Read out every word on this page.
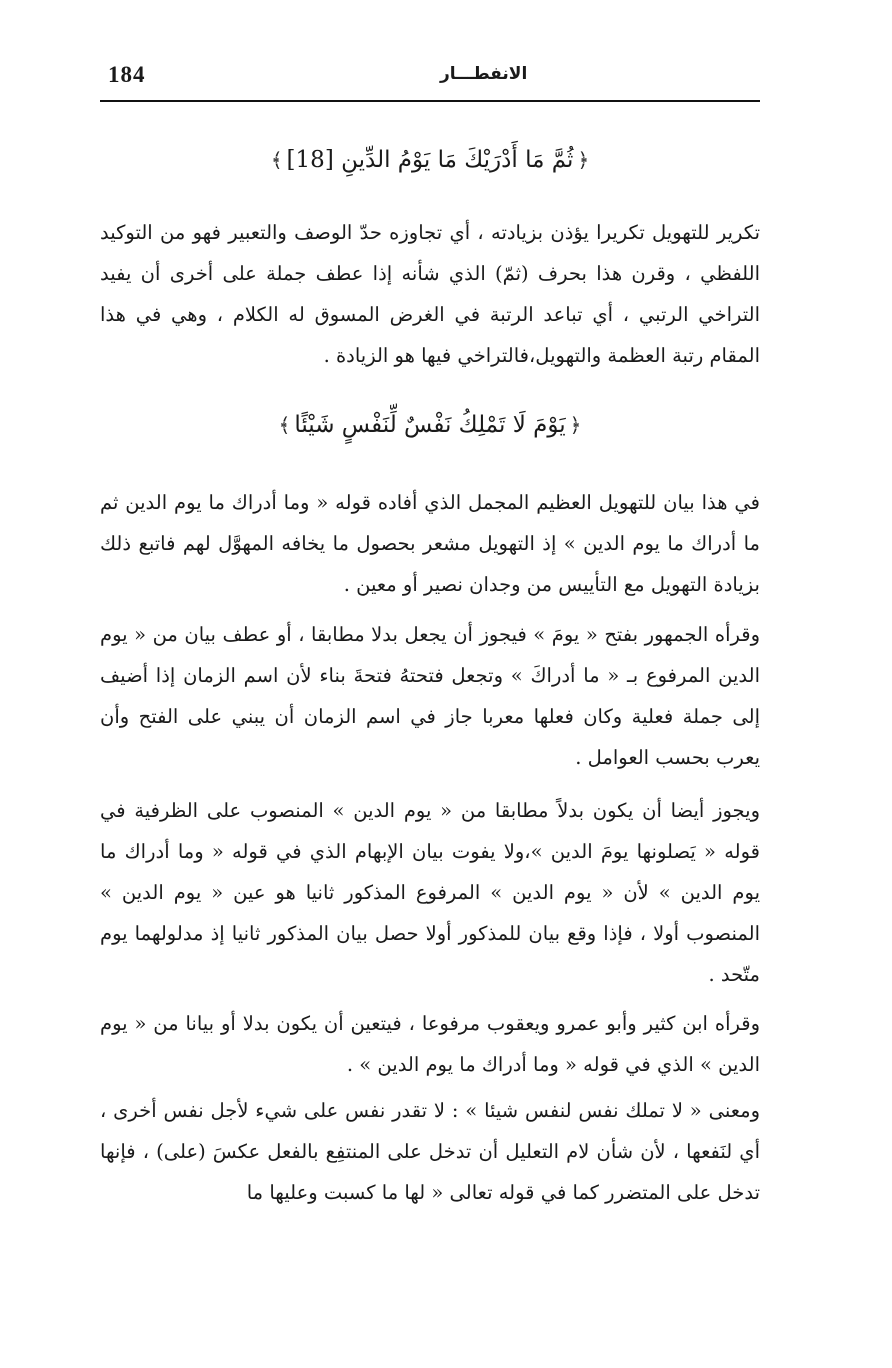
184	الانفطـــار
﴿ثُمَّ مَا أَدْرَيْكَ مَا يَوْمُ الدِّينِ [18]﴾

تكرير للتهويل تكريرا يؤذن بزيادته ، أي تجاوزه حدّ الوصف والتعبير فهو من التوكيد اللفظي ، وقرن هذا بحرف (ثمّ) الذي شأنه إذا عطف جملة على أخرى أن يفيد التراخي الرتبي ، أي تباعد الرتبة في الغرض المسوق له الكلام ، وهي في هذا المقام رتبة العظمة والتهويل،فالتراخي فيها هو الزيادة .

﴿يَوْمَ لَا تَمْلِكُ نَفْسٌ لِّنَفْسٍ شَيْئًا﴾

في هذا بيان للتهويل العظيم المجمل الذي أفاده قوله « وما أدراك ما يوم الدين ثم ما أدراك ما يوم الدين » إذ التهويل مشعر بحصول ما يخافه المهوَّل لهم فاتبع ذلك بزيادة التهويل مع التأييس من وجدان نصير أو معين .

وقرأه الجمهور بفتح « يومَ » فيجوز أن يجعل بدلا مطابقا ، أو عطف بيان من « يوم الدين المرفوع بـ « ما أدراكَ » وتجعل فتحتهُ فتحةَ بناء لأن اسم الزمان إذا أضيف إلى جملة فعلية وكان فعلها معربا جاز في اسم الزمان أن يبني على الفتح وأن يعرب بحسب العوامل .

ويجوز أيضا أن يكون بدلاً مطابقا من « يوم الدين » المنصوب على الظرفية في قوله « يَصلونها يومَ الدين »،ولا يفوت بيان الإبهام الذي في قوله « وما أدراك ما يوم الدين » لأن « يوم الدين » المرفوع المذكور ثانيا هو عين « يوم الدين » المنصوب أولا ، فإذا وقع بيان للمذكور أولا حصل بيان المذكور ثانيا إذ مدلولهما يوم متّحد .

وقرأه ابن كثير وأبو عمرو ويعقوب مرفوعا ، فيتعين أن يكون بدلا أو بيانا من « يوم الدين » الذي في قوله « وما أدراك ما يوم الدين » .

ومعنى « لا تملك نفس لنفس شيئا » : لا تقدر نفس على شيء لأجل نفس أخرى ، أي لنَفعها ، لأن شأن لام التعليل أن تدخل على المنتفِع بالفعل عكسَ (على) ، فإنها تدخل على المتضرر كما في قوله تعالى « لها ما كسبت وعليها ما
